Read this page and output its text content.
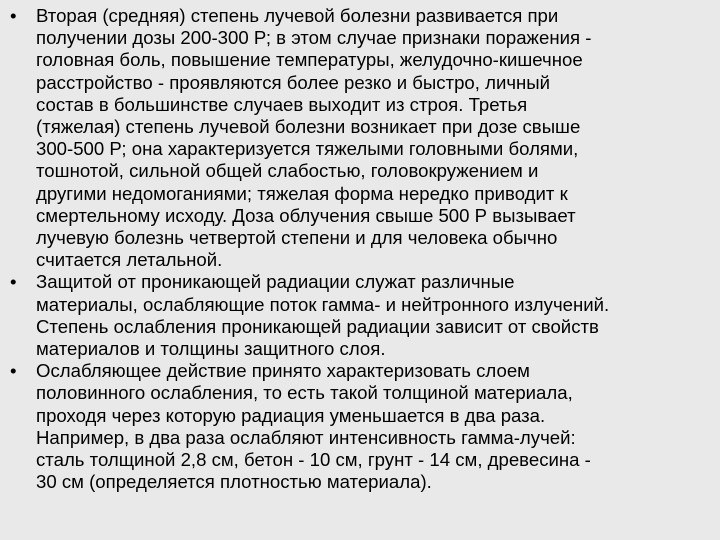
• Вторая (средняя) степень лучевой болезни развивается при
получении дозы 200-300 Р; в этом случае признаки поражения -
головная боль, повышение температуры, желудочно-кишечное
расстройство - проявляются более резко и быстро, личный
состав в большинстве случаев выходит из строя. Третья
(тяжелая) степень лучевой болезни возникает при дозе свыше
300-500 Р; она характеризуется тяжелыми головными болями,
тошнотой, сильной общей слабостью, головокружением и
другими недомоганиями; тяжелая форма нередко приводит к
смертельному исходу. Доза облучения свыше 500 Р вызывает
лучевую болезнь четвертой степени и для человека обычно
считается летальной.
• Защитой от проникающей радиации служат различные
материалы, ослабляющие поток гамма- и нейтронного излучений.
Степень ослабления проникающей радиации зависит от свойств
материалов и толщины защитного слоя.
• Ослабляющее действие принято характеризовать слоем
половинного ослабления, то есть такой толщиной материала,
проходя через которую радиация уменьшается в два раза.
Например, в два раза ослабляют интенсивность гамма-лучей:
сталь толщиной 2,8 см, бетон - 10 см, грунт - 14 см, древесина -
30 см (определяется плотностью материала).
